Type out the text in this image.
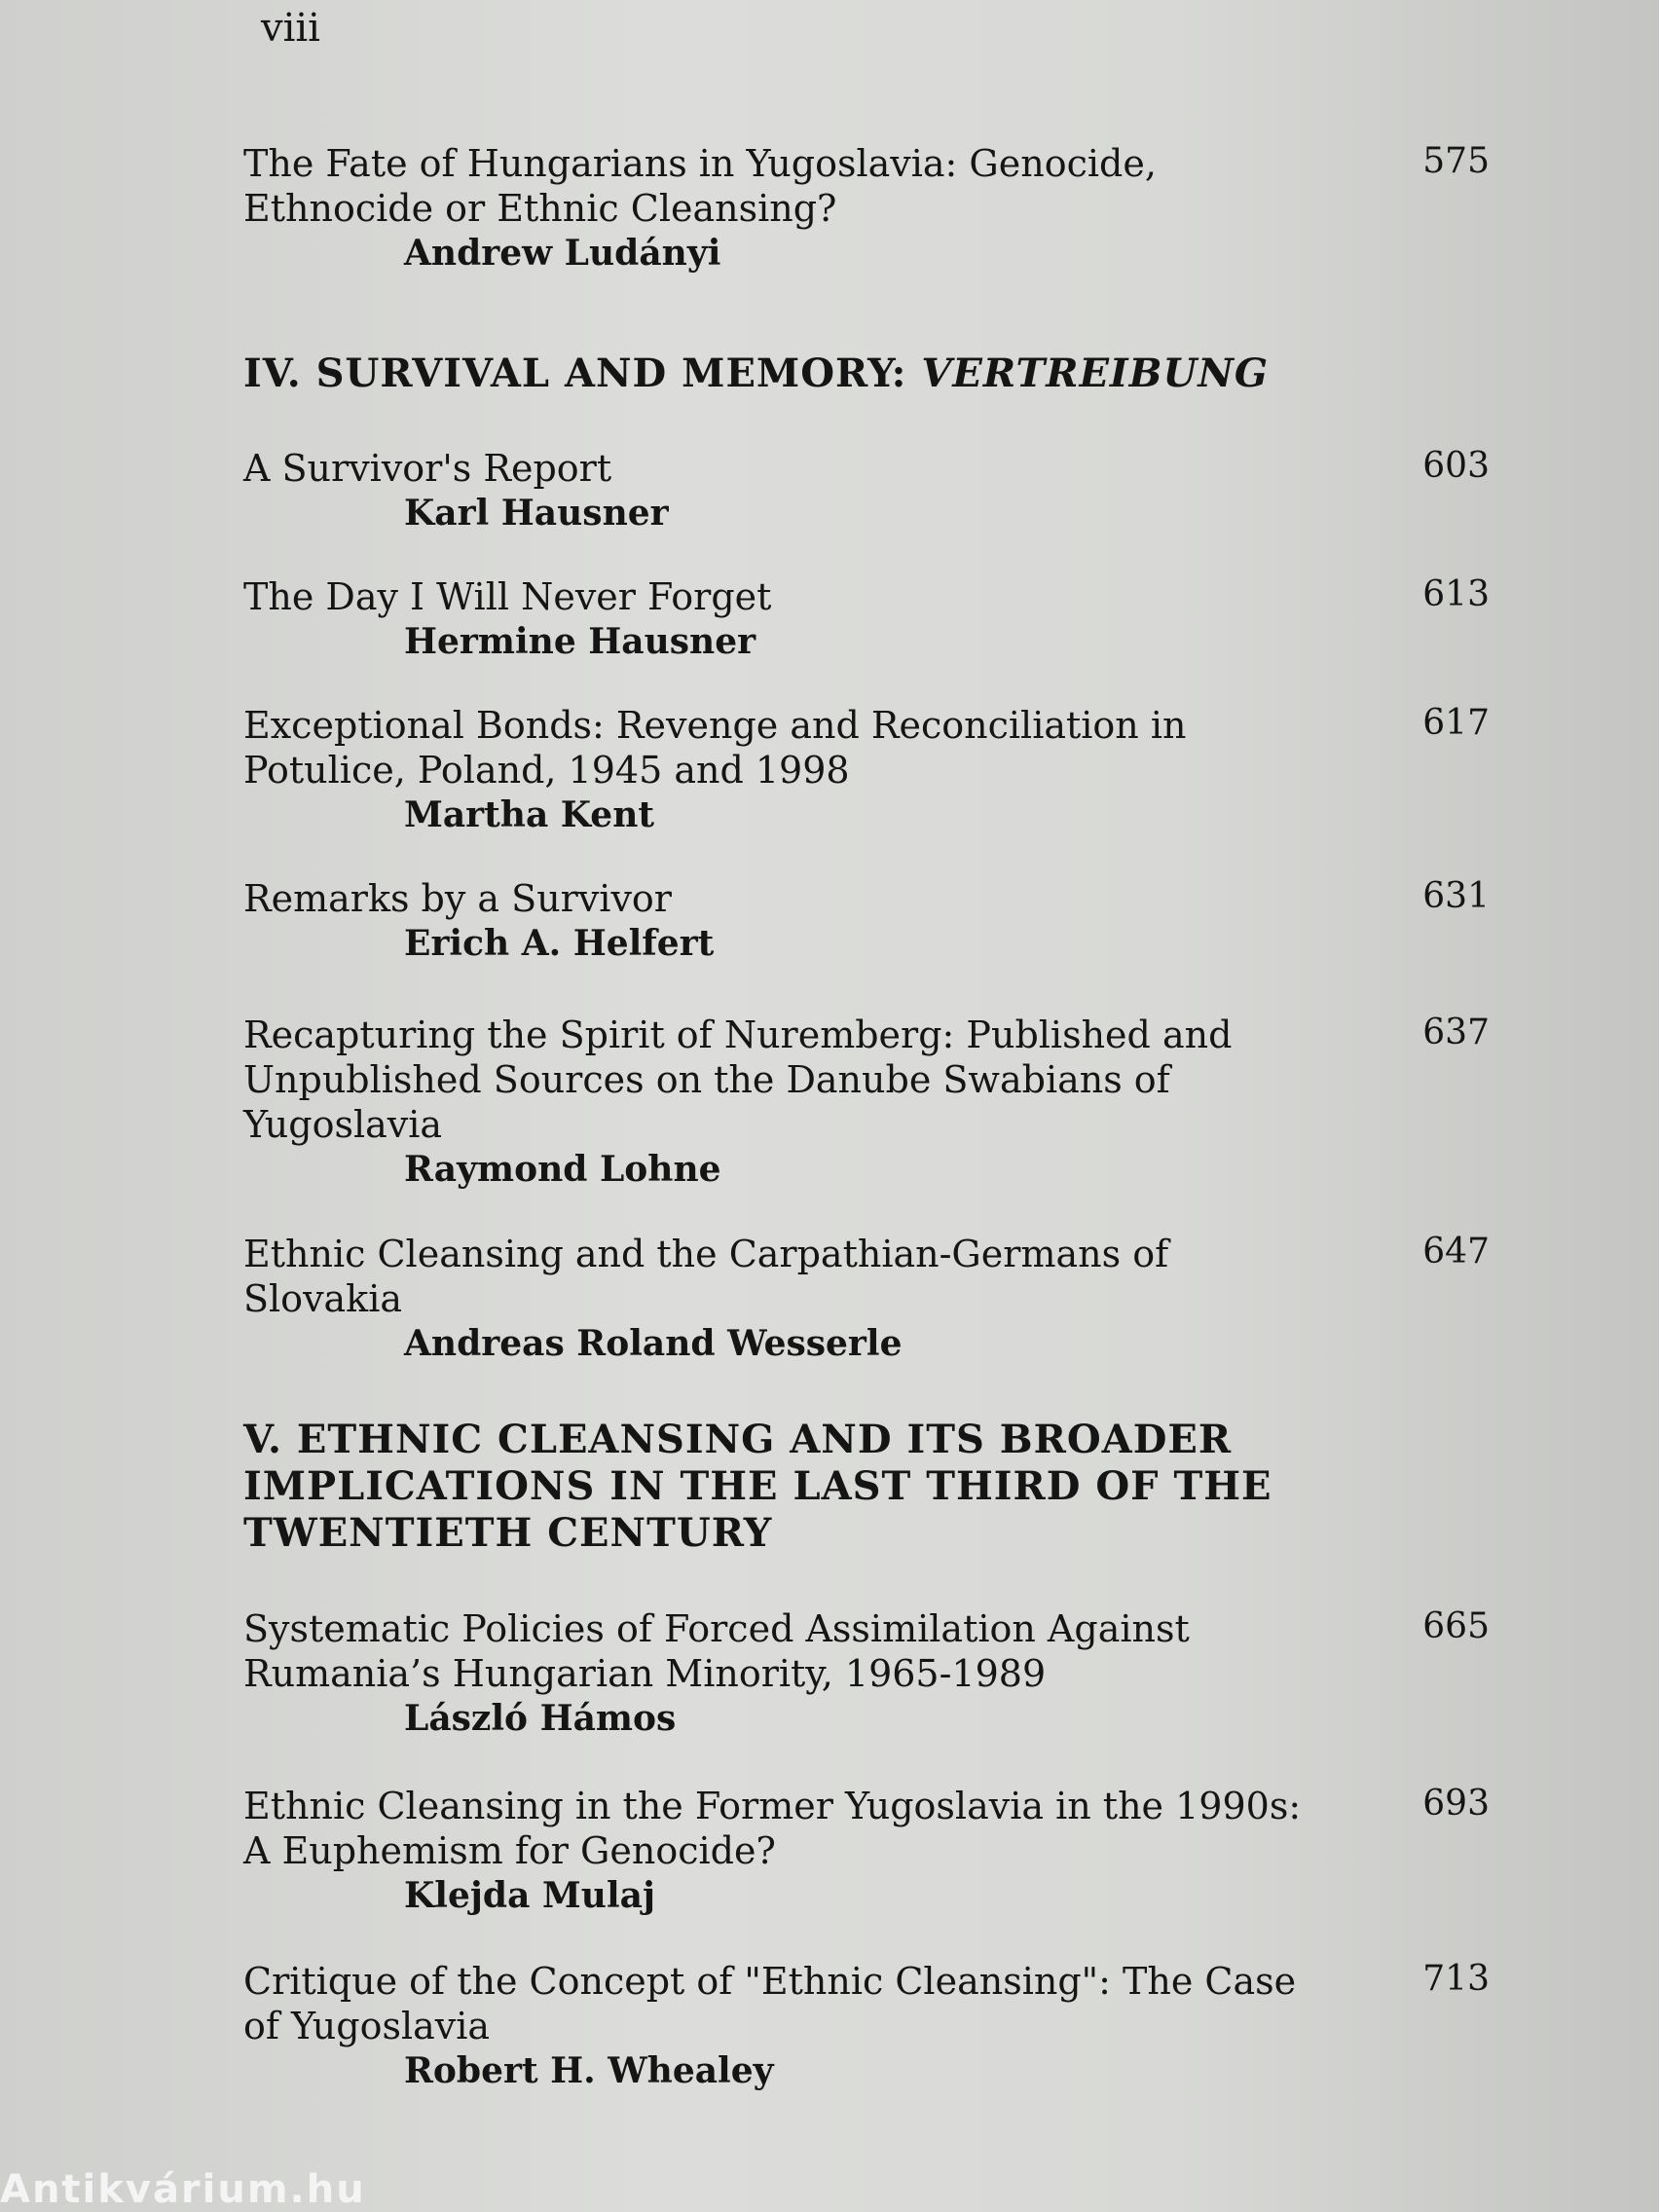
viii
The Fate of Hungarians in Yugoslavia: Genocide, Ethnocide or Ethnic Cleansing?
Andrew Ludányi
575
IV. SURVIVAL AND MEMORY: VERTREIBUNG
A Survivor's Report
Karl Hausner
603
The Day I Will Never Forget
Hermine Hausner
613
Exceptional Bonds: Revenge and Reconciliation in Potulice, Poland, 1945 and 1998
Martha Kent
617
Remarks by a Survivor
Erich A. Helfert
631
Recapturing the Spirit of Nuremberg: Published and Unpublished Sources on the Danube Swabians of Yugoslavia
Raymond Lohne
637
Ethnic Cleansing and the Carpathian-Germans of Slovakia
Andreas Roland Wesserle
647
V. ETHNIC CLEANSING AND ITS BROADER IMPLICATIONS IN THE LAST THIRD OF THE TWENTIETH CENTURY
Systematic Policies of Forced Assimilation Against Rumania’s Hungarian Minority, 1965-1989
László Hámos
665
Ethnic Cleansing in the Former Yugoslavia in the 1990s: A Euphemism for Genocide?
Klejda Mulaj
693
Critique of the Concept of "Ethnic Cleansing": The Case of Yugoslavia
Robert H. Whealey
713
Antikvárium.hu
